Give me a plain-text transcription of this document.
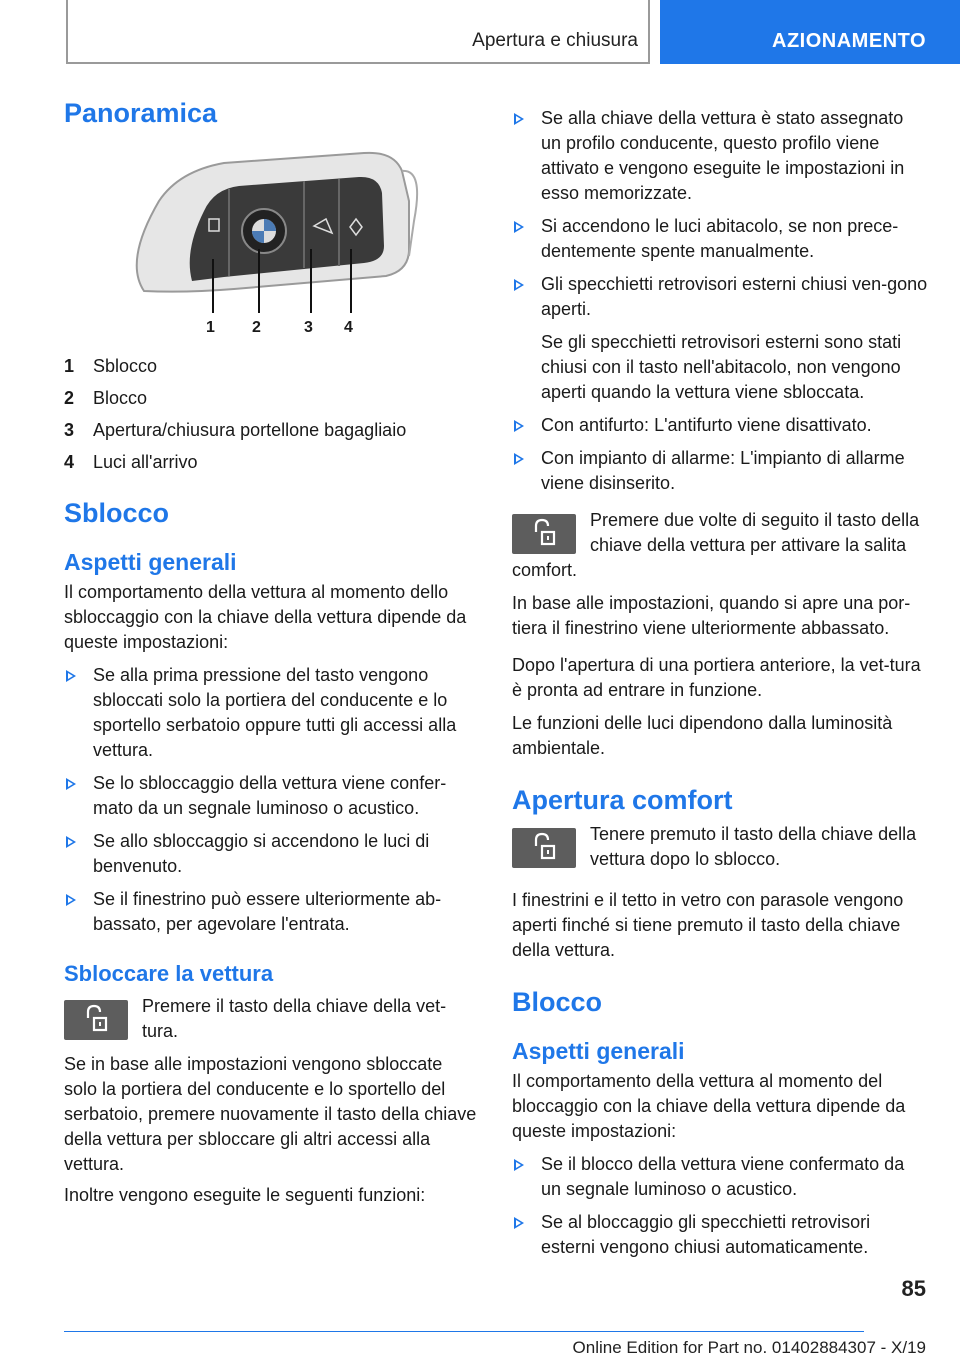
Apertura e chiusura	AZIONAMENTO
Panoramica
1 2	3 4
1	Sblocco
2	Blocco
3	Apertura/chiusura portellone bagagliaio
4	Luci all'arrivo
Sblocco
Aspetti generali

Il comportamento della vettura al momento dello sbloccaggio con la chiave della vettura dipende da queste impostazioni:

Se alla prima pressione del tasto vengono sbloccati solo la portiera del conducente e lo sportello serbatoio oppure tutti gli accessi alla vettura.
Se lo sbloccaggio della vettura viene confer-mato da un segnale luminoso o acustico.
Se allo sbloccaggio si accendono le luci di benvenuto.
Se il finestrino può essere ulteriormente ab-bassato, per agevolare l'entrata.
Sbloccare la vettura

Premere il tasto della chiave della vet-tura.

Se in base alle impostazioni vengono sbloccate solo la portiera del conducente e lo sportello del serbatoio, premere nuovamente il tasto della chiave della vettura per sbloccare gli altri accessi alla vettura.

Inoltre vengono eseguite le seguenti funzioni:

Se alla chiave della vettura è stato assegnato un profilo conducente, questo profilo viene attivato e vengono eseguite le impostazioni in esso memorizzate.
Si accendono le luci abitacolo, se non prece-dentemente spente manualmente.
Gli specchietti retrovisori esterni chiusi ven-gono aperti.
Se gli specchietti retrovisori esterni sono stati chiusi con il tasto nell'abitacolo, non vengono aperti quando la vettura viene sbloccata.
Con antifurto: L'antifurto viene disattivato.
Con impianto di allarme: L'impianto di allarme viene disinserito.

Premere due volte di seguito il tasto della chiave della vettura per attivare la salita comfort.

In base alle impostazioni, quando si apre una por-tiera il finestrino viene ulteriormente abbassato.

Dopo l'apertura di una portiera anteriore, la vet-tura è pronta ad entrare in funzione.

Le funzioni delle luci dipendono dalla luminosità ambientale.

Apertura comfort

Tenere premuto il tasto della chiave della vettura dopo lo sblocco.

I finestrini e il tetto in vetro con parasole vengono aperti finché si tiene premuto il tasto della chiave della vettura.

Blocco
Aspetti generali

Il comportamento della vettura al momento del bloccaggio con la chiave della vettura dipende da queste impostazioni:

Se il blocco della vettura viene confermato da un segnale luminoso o acustico.
Se al bloccaggio gli specchietti retrovisori esterni vengono chiusi automaticamente.
85
Online Edition for Part no. 01402884307 - X/19
